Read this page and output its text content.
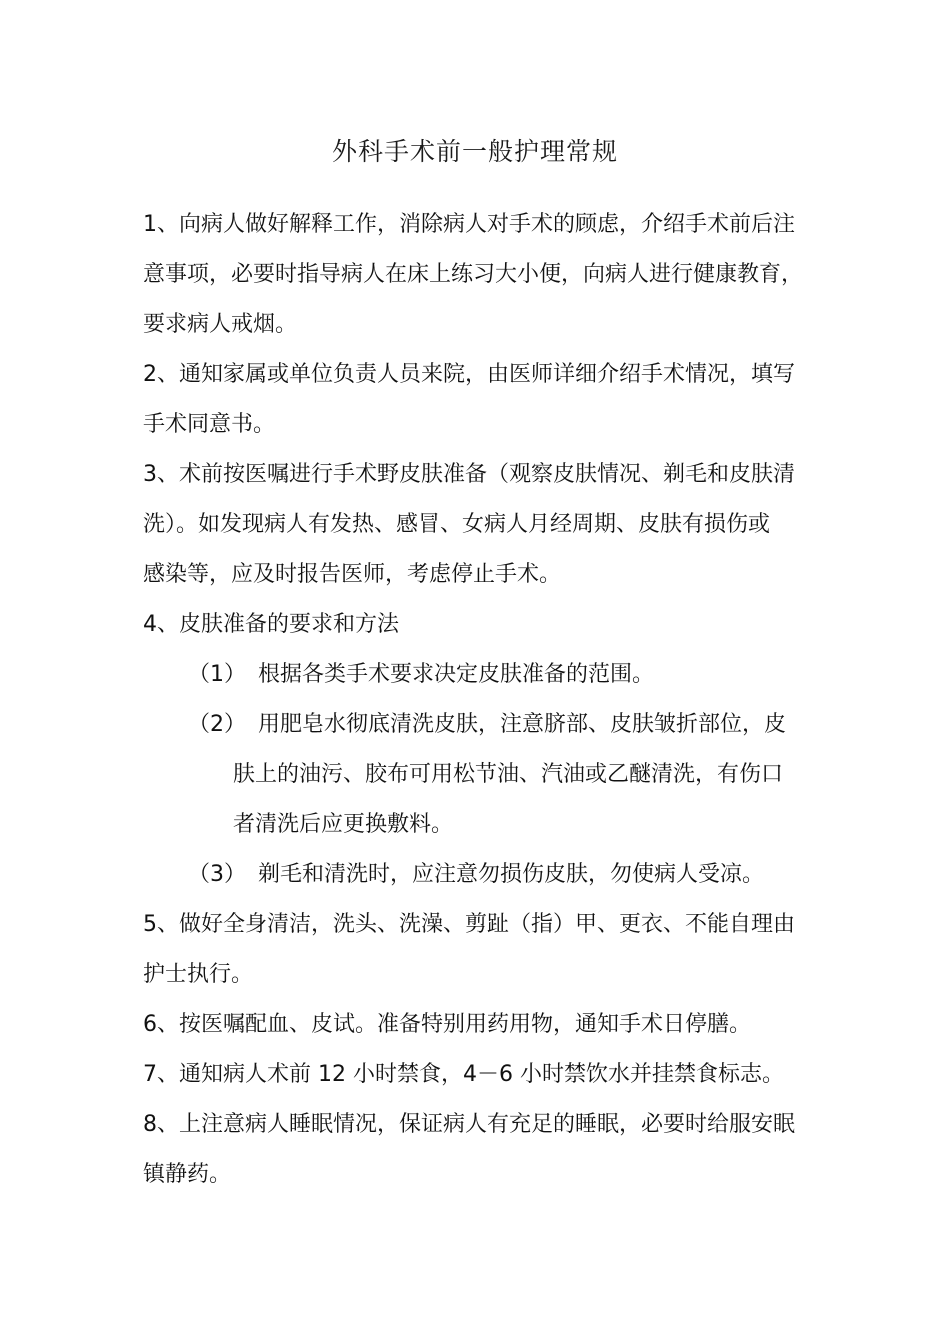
外科手术前一般护理常规
1、向病人做好解释工作，消除病人对手术的顾虑，介绍手术前后注
意事项，必要时指导病人在床上练习大小便，向病人进行健康教育，
要求病人戒烟。
2、通知家属或单位负责人员来院，由医师详细介绍手术情况，填写
手术同意书。
3、术前按医嘱进行手术野皮肤准备（观察皮肤情况、剃毛和皮肤清
洗）。如发现病人有发热、感冒、女病人月经周期、皮肤有损伤或
感染等，应及时报告医师，考虑停止手术。
4、皮肤准备的要求和方法
（1） 根据各类手术要求决定皮肤准备的范围。
（2） 用肥皂水彻底清洗皮肤，注意脐部、皮肤皱折部位，皮
肤上的油污、胶布可用松节油、汽油或乙醚清洗，有伤口
者清洗后应更换敷料。
（3） 剃毛和清洗时，应注意勿损伤皮肤，勿使病人受凉。
5、做好全身清洁，洗头、洗澡、剪趾（指）甲、更衣、不能自理由
护士执行。
6、按医嘱配血、皮试。准备特别用药用物，通知手术日停膳。
7、通知病人术前 12 小时禁食，4－6 小时禁饮水并挂禁食标志。
8、上注意病人睡眠情况，保证病人有充足的睡眠，必要时给服安眠
镇静药。
